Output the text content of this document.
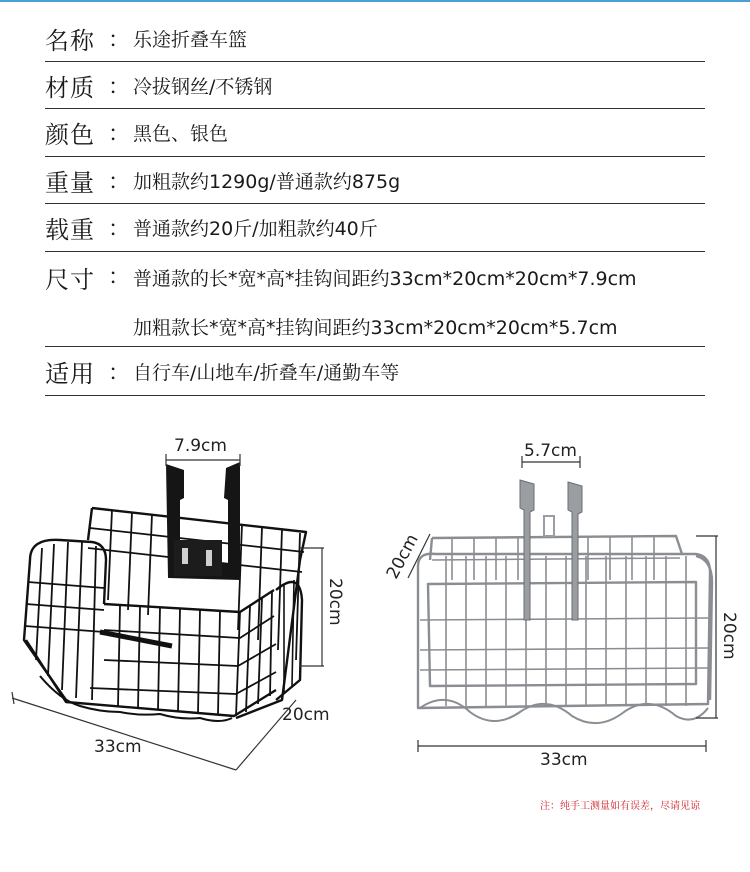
名称 ： 乐途折叠车篮
材质 ： 冷拔钢丝/不锈钢
颜色 ： 黑色、银色
重量 ： 加粗款约1290g/普通款约875g
载重 ： 普通款约20斤/加粗款约40斤
尺寸 ： 普通款的长*宽*高*挂钩间距约33cm*20cm*20cm*7.9cm
加粗款长*宽*高*挂钩间距约33cm*20cm*20cm*5.7cm
适用 ： 自行车/山地车/折叠车/通勤车等
7.9cm
20cm
20cm
33cm
5.7cm
20cm
20cm
33cm
注：纯手工测量如有误差，尽请见谅
